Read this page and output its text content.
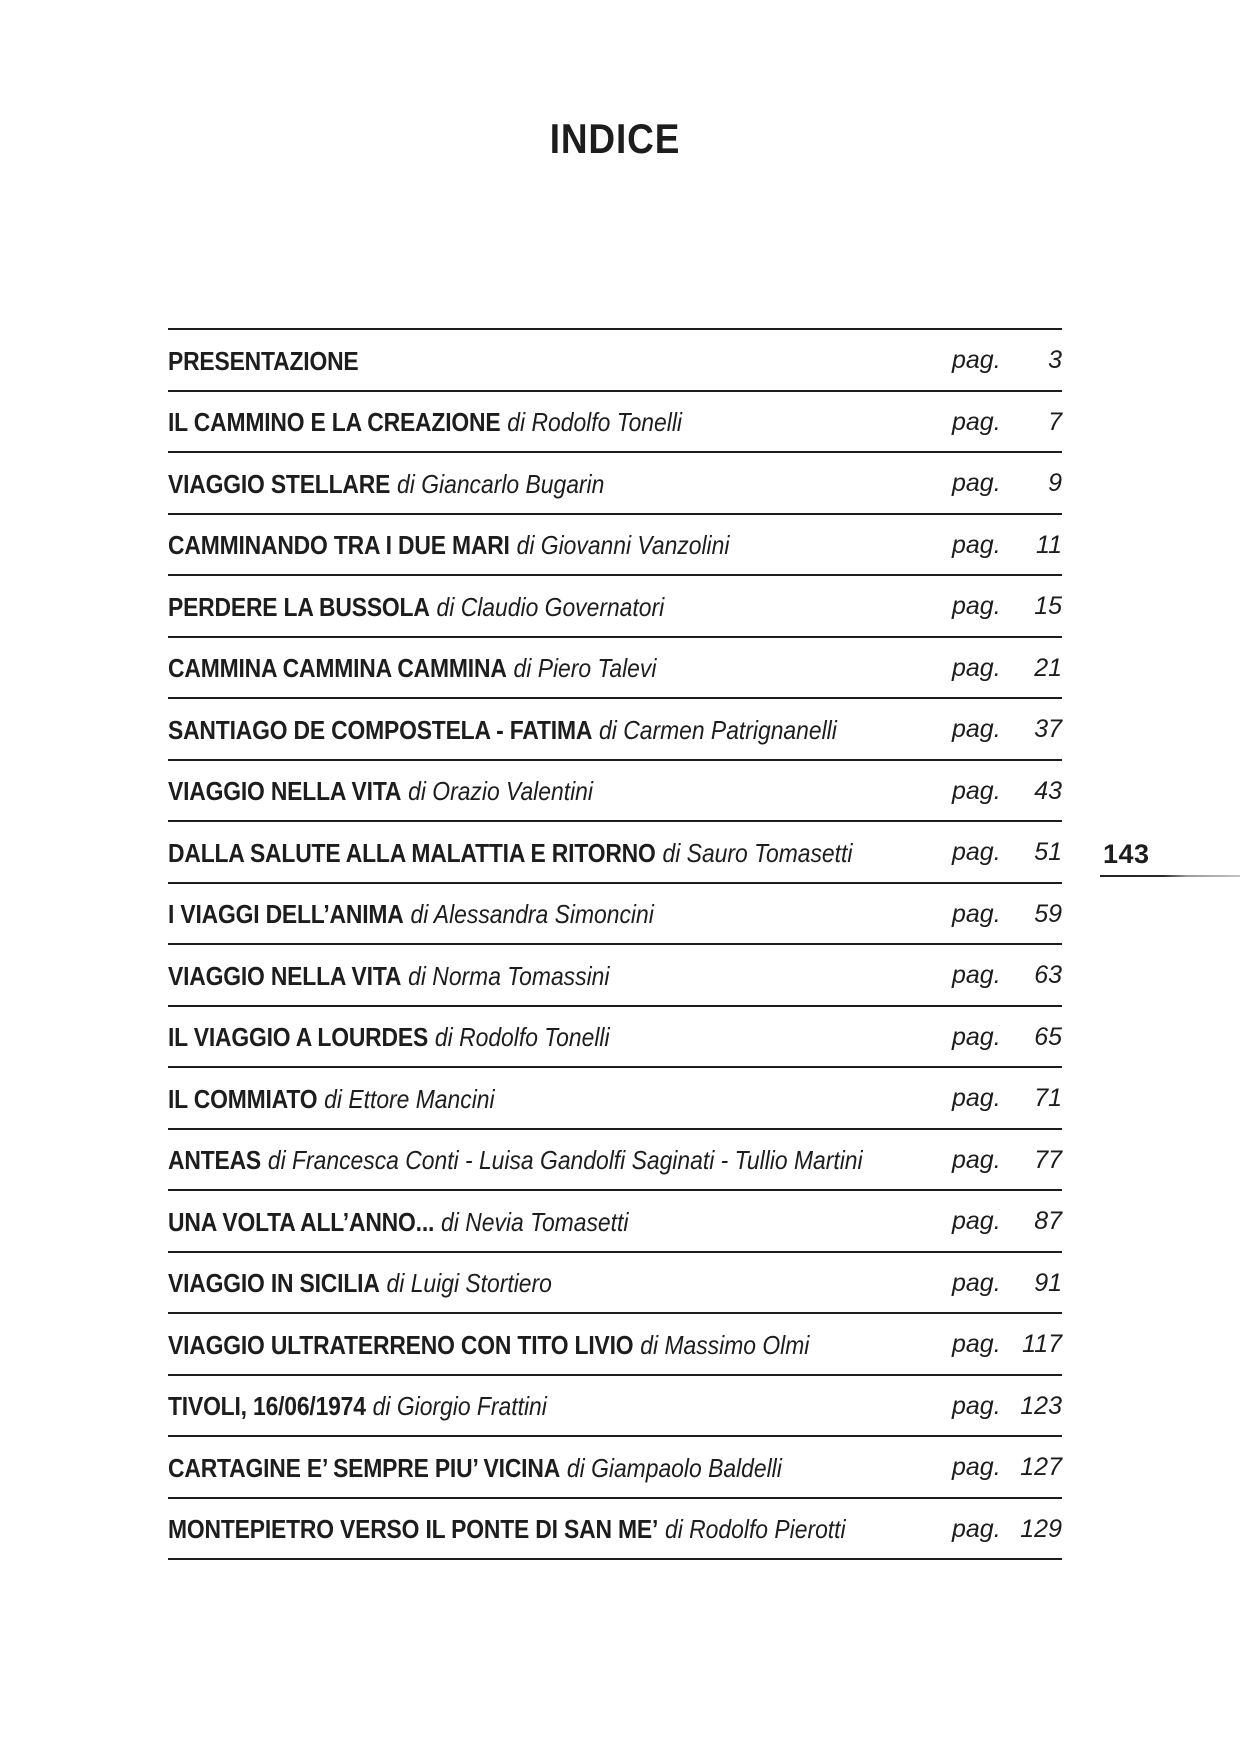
INDICE
PRESENTAZIONE	pag.	3
IL CAMMINO E LA CREAZIONE di Rodolfo Tonelli	pag.	7
VIAGGIO STELLARE di Giancarlo Bugarin	pag.	9
CAMMINANDO TRA I DUE MARI di Giovanni Vanzolini	pag.	11
PERDERE LA BUSSOLA di Claudio Governatori	pag.	15
CAMMINA CAMMINA CAMMINA di Piero Talevi	pag.	21
SANTIAGO DE COMPOSTELA - FATIMA di Carmen Patrignanelli	pag.	37
VIAGGIO NELLA VITA di Orazio Valentini	pag.	43
DALLA SALUTE ALLA MALATTIA E RITORNO di Sauro Tomasetti	pag.	51
I VIAGGI DELL’ANIMA di Alessandra Simoncini	pag.	59
VIAGGIO NELLA VITA di Norma Tomassini	pag.	63
IL VIAGGIO A LOURDES di Rodolfo Tonelli	pag.	65
IL COMMIATO di Ettore Mancini	pag.	71
ANTEAS di Francesca Conti - Luisa Gandolfi Saginati - Tullio Martini	pag.	77
UNA VOLTA ALL’ANNO... di Nevia Tomasetti	pag.	87
VIAGGIO IN SICILIA di Luigi Stortiero	pag.	91
VIAGGIO ULTRATERRENO CON TITO LIVIO di Massimo Olmi	pag. 117
TIVOLI, 16/06/1974 di Giorgio Frattini	pag. 123
CARTAGINE E’ SEMPRE PIU’ VICINA di Giampaolo Baldelli	pag. 127
MONTEPIETRO VERSO IL PONTE DI SAN ME’ di Rodolfo Pierotti	pag. 129
143
